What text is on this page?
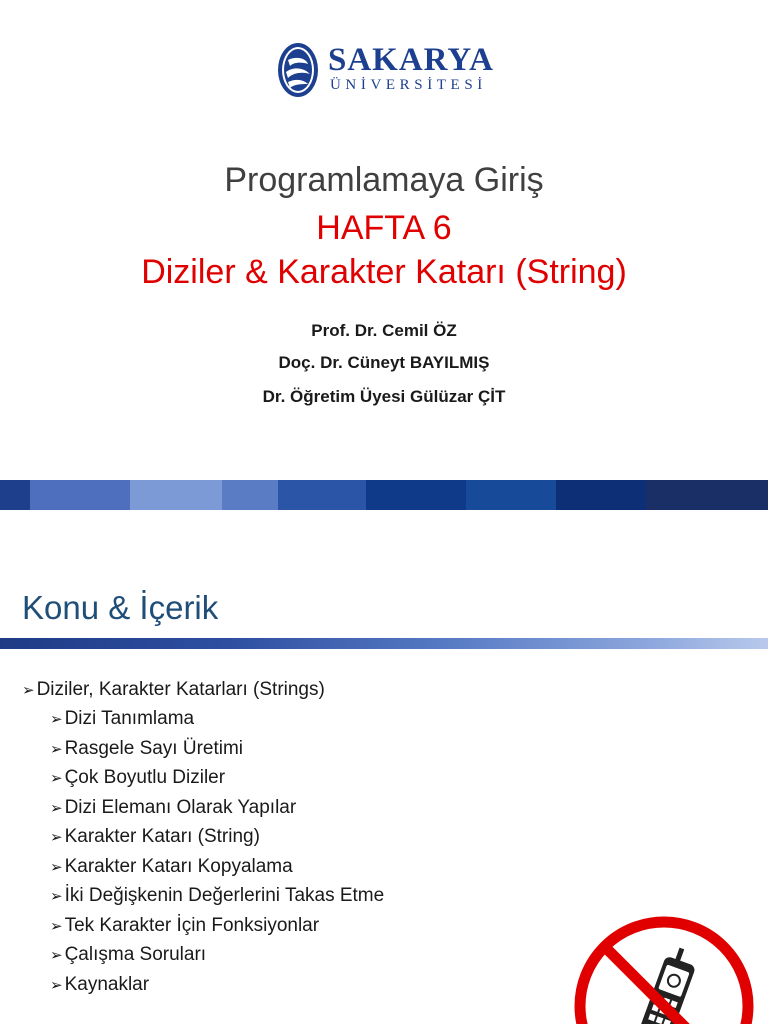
SAKARYA
ÜNİVERSİTESİ
Programlamaya Giriş
HAFTA 6
Diziler & Karakter Katarı (String)
Prof. Dr. Cemil ÖZ
Doç. Dr. Cüneyt BAYILMIŞ
Dr. Öğretim Üyesi Gülüzar ÇİT
Konu & İçerik
➢ Diziler, Karakter Katarları (Strings)
➢ Dizi Tanımlama
➢ Rasgele Sayı Üretimi
➢ Çok Boyutlu Diziler
➢ Dizi Elemanı Olarak Yapılar
➢ Karakter Katarı (String)
➢ Karakter Katarı Kopyalama
➢ İki Değişkenin Değerlerini Takas Etme
➢ Tek Karakter İçin Fonksiyonlar
➢ Çalışma Soruları
➢ Kaynaklar
